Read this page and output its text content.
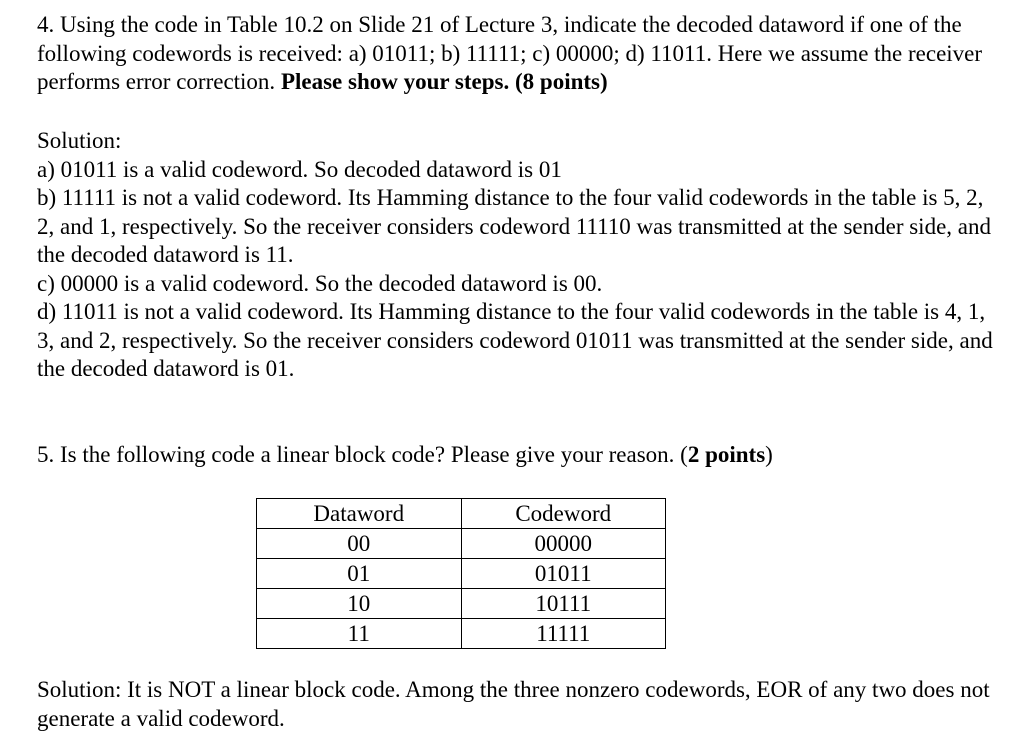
4. Using the code in Table 10.2 on Slide 21 of Lecture 3, indicate the decoded dataword if one of the following codewords is received: a) 01011; b) 11111; c) 00000; d) 11011. Here we assume the receiver performs error correction. Please show your steps. (8 points)

Solution:

a) 01011 is a valid codeword. So decoded dataword is 01

b) 11111 is not a valid codeword. Its Hamming distance to the four valid codewords in the table is 5, 2, 2, and 1, respectively. So the receiver considers codeword 11110 was transmitted at the sender side, and the decoded dataword is 11.

c) 00000 is a valid codeword. So the decoded dataword is 00.

d) 11011 is not a valid codeword. Its Hamming distance to the four valid codewords in the table is 4, 1, 3, and 2, respectively. So the receiver considers codeword 01011 was transmitted at the sender side, and the decoded dataword is 01.

5. Is the following code a linear block code? Please give your reason. (2 points)

Dataword	Codeword
00	00000
01	01011
10	10111
11	11111

Solution: It is NOT a linear block code. Among the three nonzero codewords, EOR of any two does not generate a valid codeword.
